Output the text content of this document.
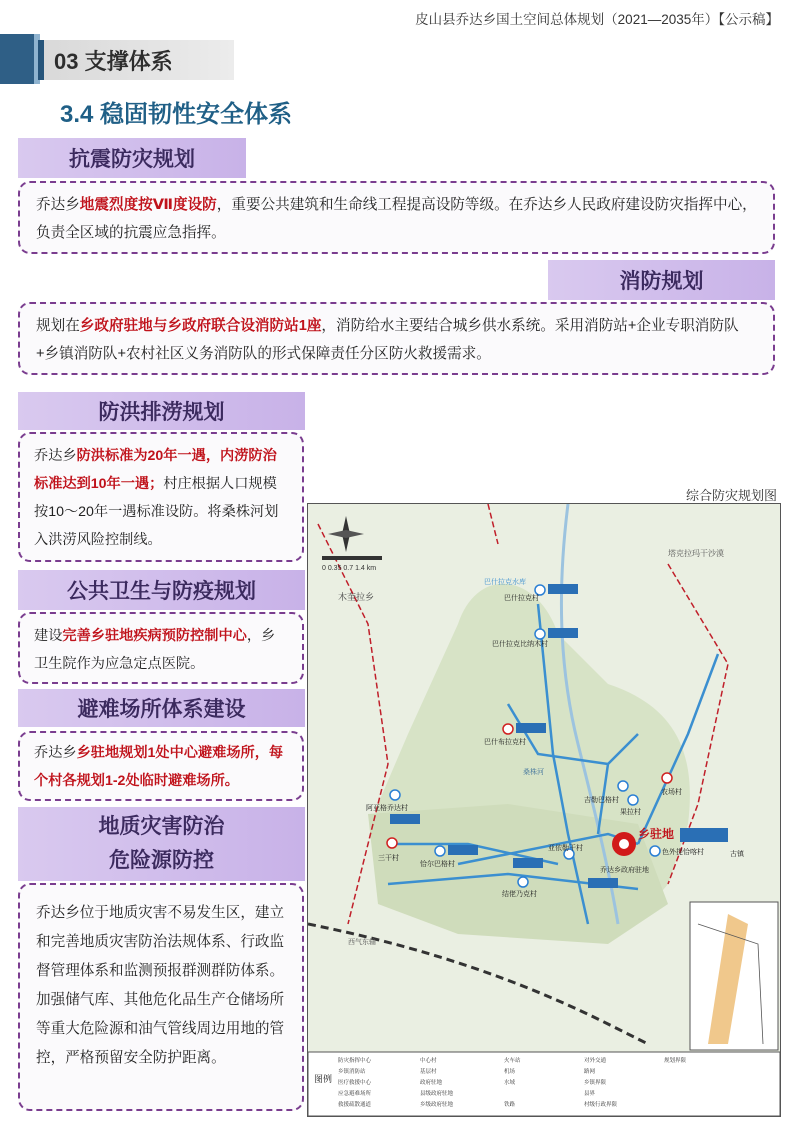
皮山县乔达乡国土空间总体规划（2021—2035年）【公示稿】
03 支撑体系
3.4 稳固韧性安全体系
抗震防灾规划
乔达乡地震烈度按Ⅶ度设防，重要公共建筑和生命线工程提高设防等级。在乔达乡人民政府建设防灾指挥中心，负责全区域的抗震应急指挥。
消防规划
规划在乡政府驻地与乡政府联合设消防站1座，消防给水主要结合城乡供水系统。采用消防站+企业专职消防队+乡镇消防队+农村社区义务消防队的形式保障责任分区防火救援需求。
防洪排涝规划
乔达乡防洪标准为20年一遇，内涝防治标准达到10年一遇；村庄根据人口规模按10～20年一遇标准设防。将桑株河划入洪涝风险控制线。
公共卫生与防疫规划
建设完善乡驻地疾病预防控制中心，乡卫生院作为应急定点医院。
避难场所体系建设
乔达乡乡驻地规划1处中心避难场所，每个村各规划1-2处临时避难场所。
地质灾害防治
危险源防控
乔达乡位于地质灾害不易发生区，建立和完善地质灾害防治法规体系、行政监督管理体系和监测预报群测群防体系。加强储气库、其他危化品生产仓储场所等重大危险源和油气管线周边用地的管控，严格预留安全防护距离。
综合防灾规划图
0 0.35 0.7 1.4 km
木奎拉乡
塔克拉玛干沙漠
巴什拉克水库
桑株河
西气东输
巴什拉克村
巴什拉克比纳木村
巴什布拉克村
吉勒巴格村
农场村
果拉村
阿亚格乔达村
三干村
恰尔巴格村
亚依勒干村
乔达乡政府驻地
色外提恰喀村
结佬乃克村
乡驻地
古镇
图例
防灾指挥中心
乡镇消防站
医疗救援中心
应急避难场所
救援疏散通道
中心村
基层村
政府驻地
县级政府驻地
乡级政府驻地
火车站
机场
水域
铁路
对外交通
路网
乡镇界限
县界
村级行政界限
规划界限
